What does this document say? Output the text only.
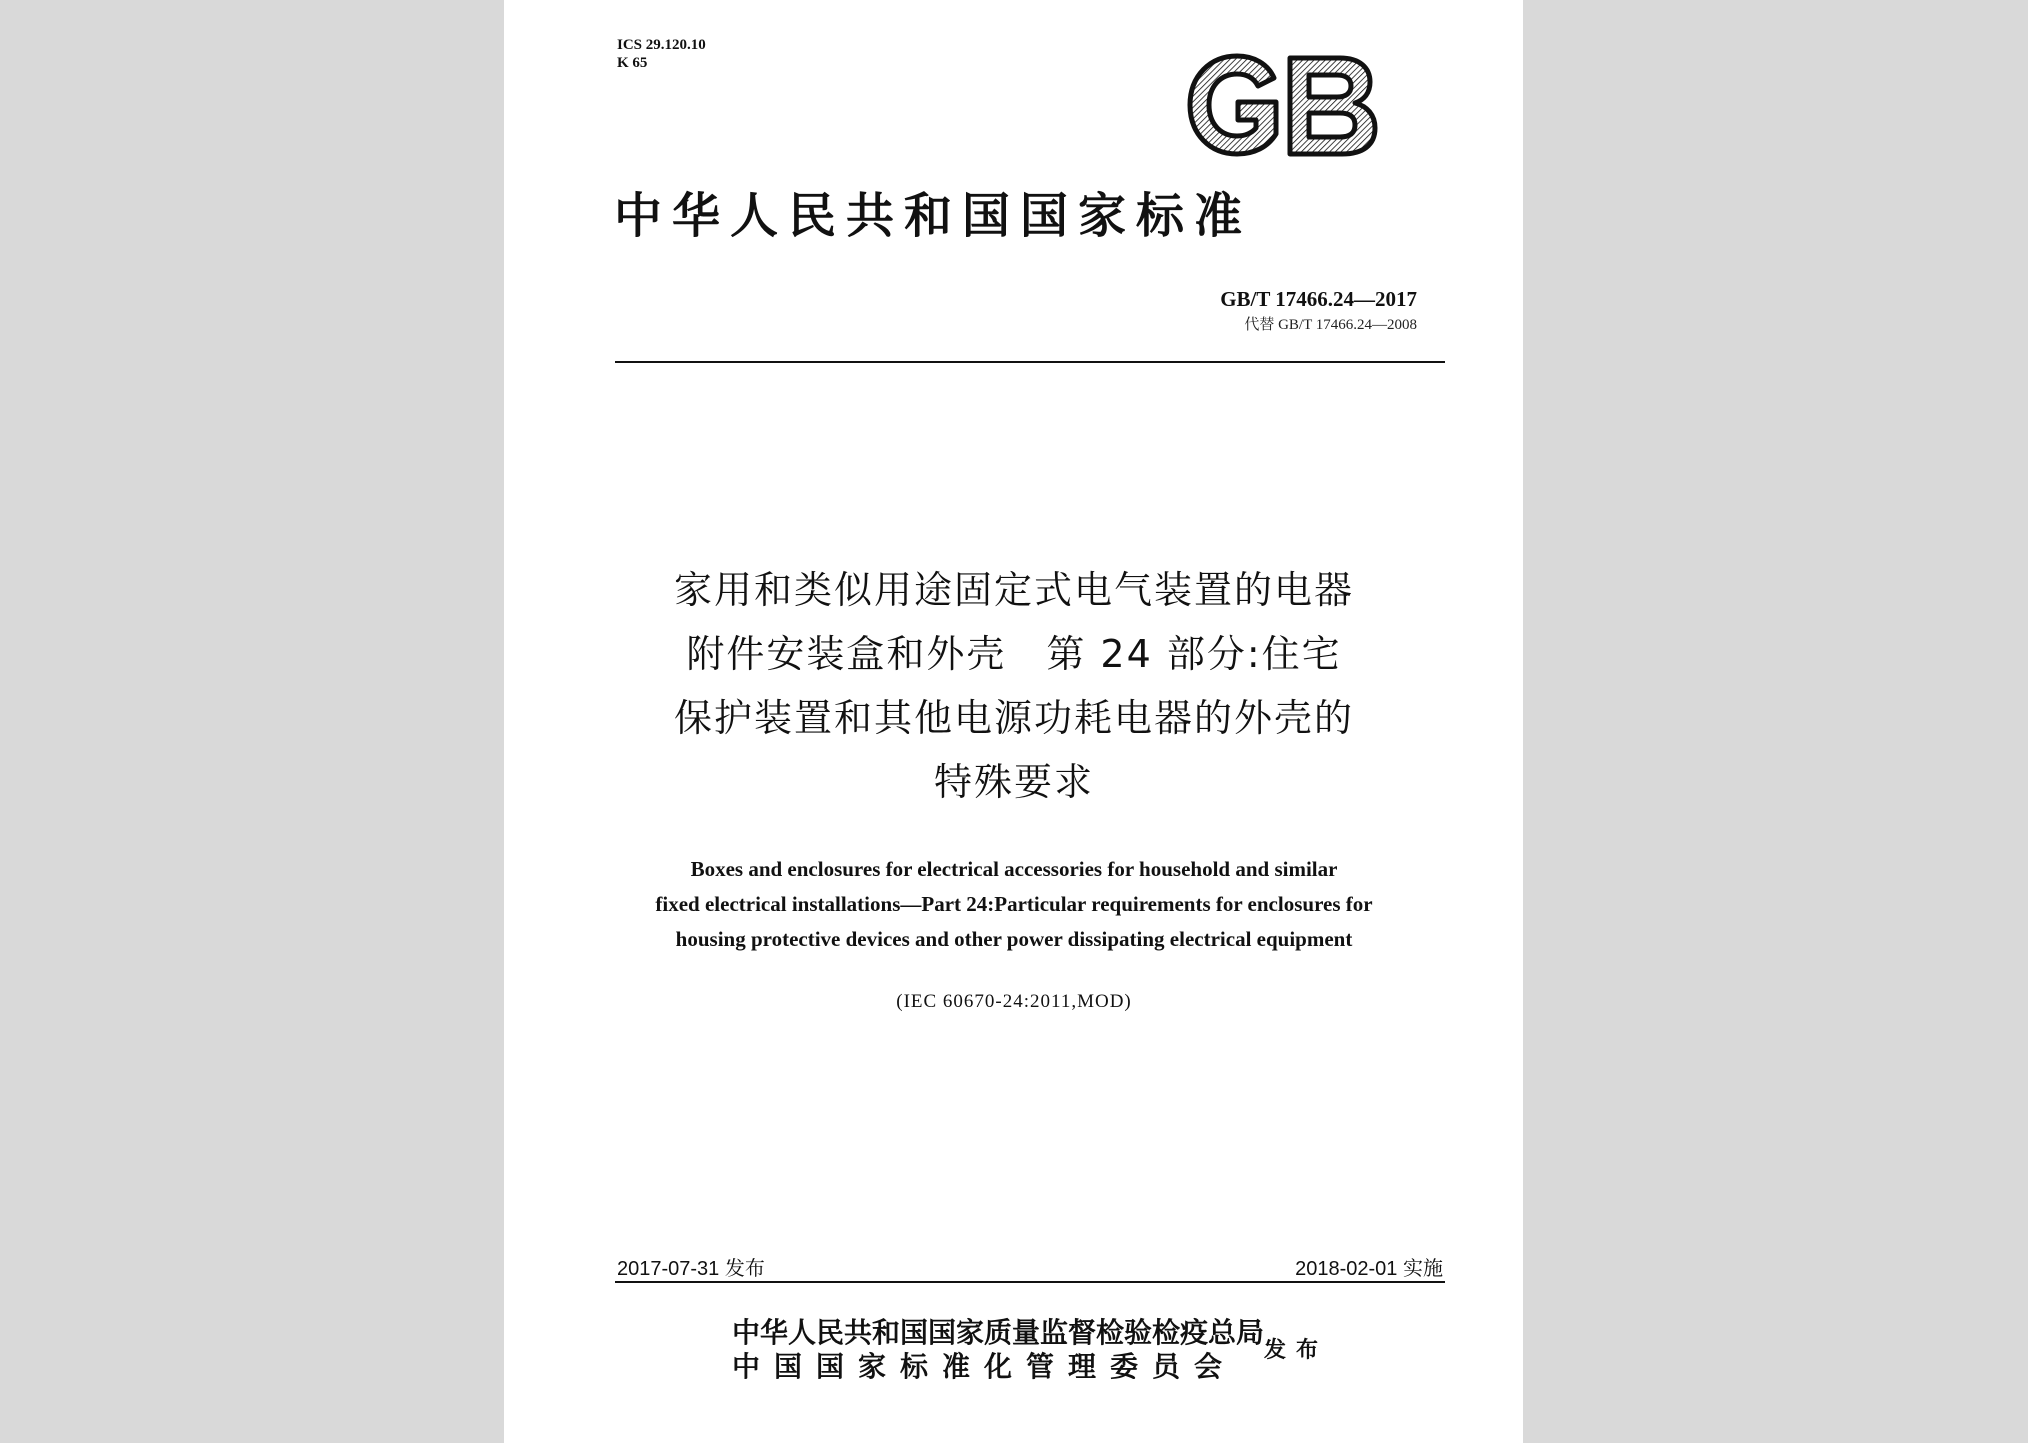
ICS 29.120.10
K 65
中华人民共和国国家标准
GB/T 17466.24—2017
代替 GB/T 17466.24—2008
家用和类似用途固定式电气装置的电器
附件安装盒和外壳　第 24 部分:住宅
保护装置和其他电源功耗电器的外壳的
特殊要求
Boxes and enclosures for electrical accessories for household and similar
fixed electrical installations—Part 24:Particular requirements for enclosures for
housing protective devices and other power dissipating electrical equipment
(IEC 60670-24:2011,MOD)
2017-07-31 发布	2018-02-01 实施
中华人民共和国国家质量监督检验检疫总局
中国国家标准化管理委员会	发布
